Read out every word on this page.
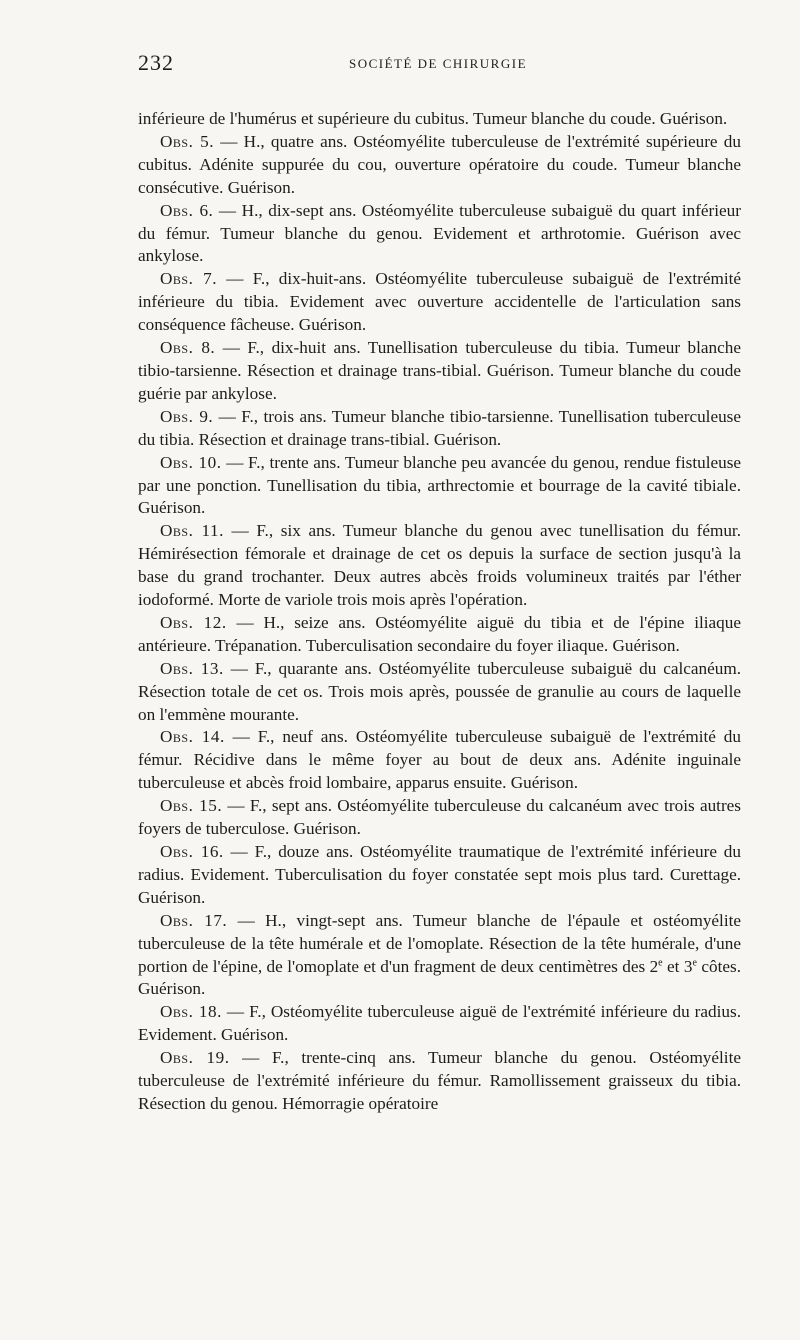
232	SOCIÉTÉ DE CHIRURGIE

inférieure de l'humérus et supérieure du cubitus. Tumeur blanche du coude. Guérison.

Obs. 5. — H., quatre ans. Ostéomyélite tuberculeuse de l'extrémité supérieure du cubitus. Adénite suppurée du cou, ouverture opératoire du coude. Tumeur blanche consécutive. Guérison.

Obs. 6. — H., dix-sept ans. Ostéomyélite tuberculeuse subaiguë du quart inférieur du fémur. Tumeur blanche du genou. Evidement et arthrotomie. Guérison avec ankylose.

Obs. 7. — F., dix-huit-ans. Ostéomyélite tuberculeuse subaiguë de l'extrémité inférieure du tibia. Evidement avec ouverture accidentelle de l'articulation sans conséquence fâcheuse. Guérison.

Obs. 8. — F., dix-huit ans. Tunellisation tuberculeuse du tibia. Tumeur blanche tibio-tarsienne. Résection et drainage trans-tibial. Guérison. Tumeur blanche du coude guérie par ankylose.

Obs. 9. — F., trois ans. Tumeur blanche tibio-tarsienne. Tunellisation tuberculeuse du tibia. Résection et drainage trans-tibial. Guérison.

Obs. 10. — F., trente ans. Tumeur blanche peu avancée du genou, rendue fistuleuse par une ponction. Tunellisation du tibia, arthrectomie et bourrage de la cavité tibiale. Guérison.

Obs. 11. — F., six ans. Tumeur blanche du genou avec tunellisation du fémur. Hémirésection fémorale et drainage de cet os depuis la surface de section jusqu'à la base du grand trochanter. Deux autres abcès froids volumineux traités par l'éther iodoformé. Morte de variole trois mois après l'opération.

Obs. 12. — H., seize ans. Ostéomyélite aiguë du tibia et de l'épine iliaque antérieure. Trépanation. Tuberculisation secondaire du foyer iliaque. Guérison.

Obs. 13. — F., quarante ans. Ostéomyélite tuberculeuse subaiguë du calcanéum. Résection totale de cet os. Trois mois après, poussée de granulie au cours de laquelle on l'emmène mourante.

Obs. 14. — F., neuf ans. Ostéomyélite tuberculeuse subaiguë de l'extrémité du fémur. Récidive dans le même foyer au bout de deux ans. Adénite inguinale tuberculeuse et abcès froid lombaire, apparus ensuite. Guérison.

Obs. 15. — F., sept ans. Ostéomyélite tuberculeuse du calcanéum avec trois autres foyers de tuberculose. Guérison.

Obs. 16. — F., douze ans. Ostéomyélite traumatique de l'extrémité inférieure du radius. Evidement. Tuberculisation du foyer constatée sept mois plus tard. Curettage. Guérison.

Obs. 17. — H., vingt-sept ans. Tumeur blanche de l'épaule et ostéomyélite tuberculeuse de la tête humérale et de l'omoplate. Résection de la tête humérale, d'une portion de l'épine, de l'omoplate et d'un fragment de deux centimètres des 2e et 3e côtes. Guérison.

Obs. 18. — F., Ostéomyélite tuberculeuse aiguë de l'extrémité inférieure du radius. Evidement. Guérison.

Obs. 19. — F., trente-cinq ans. Tumeur blanche du genou. Ostéomyélite tuberculeuse de l'extrémité inférieure du fémur. Ramollissement graisseux du tibia. Résection du genou. Hémorragie opératoire
